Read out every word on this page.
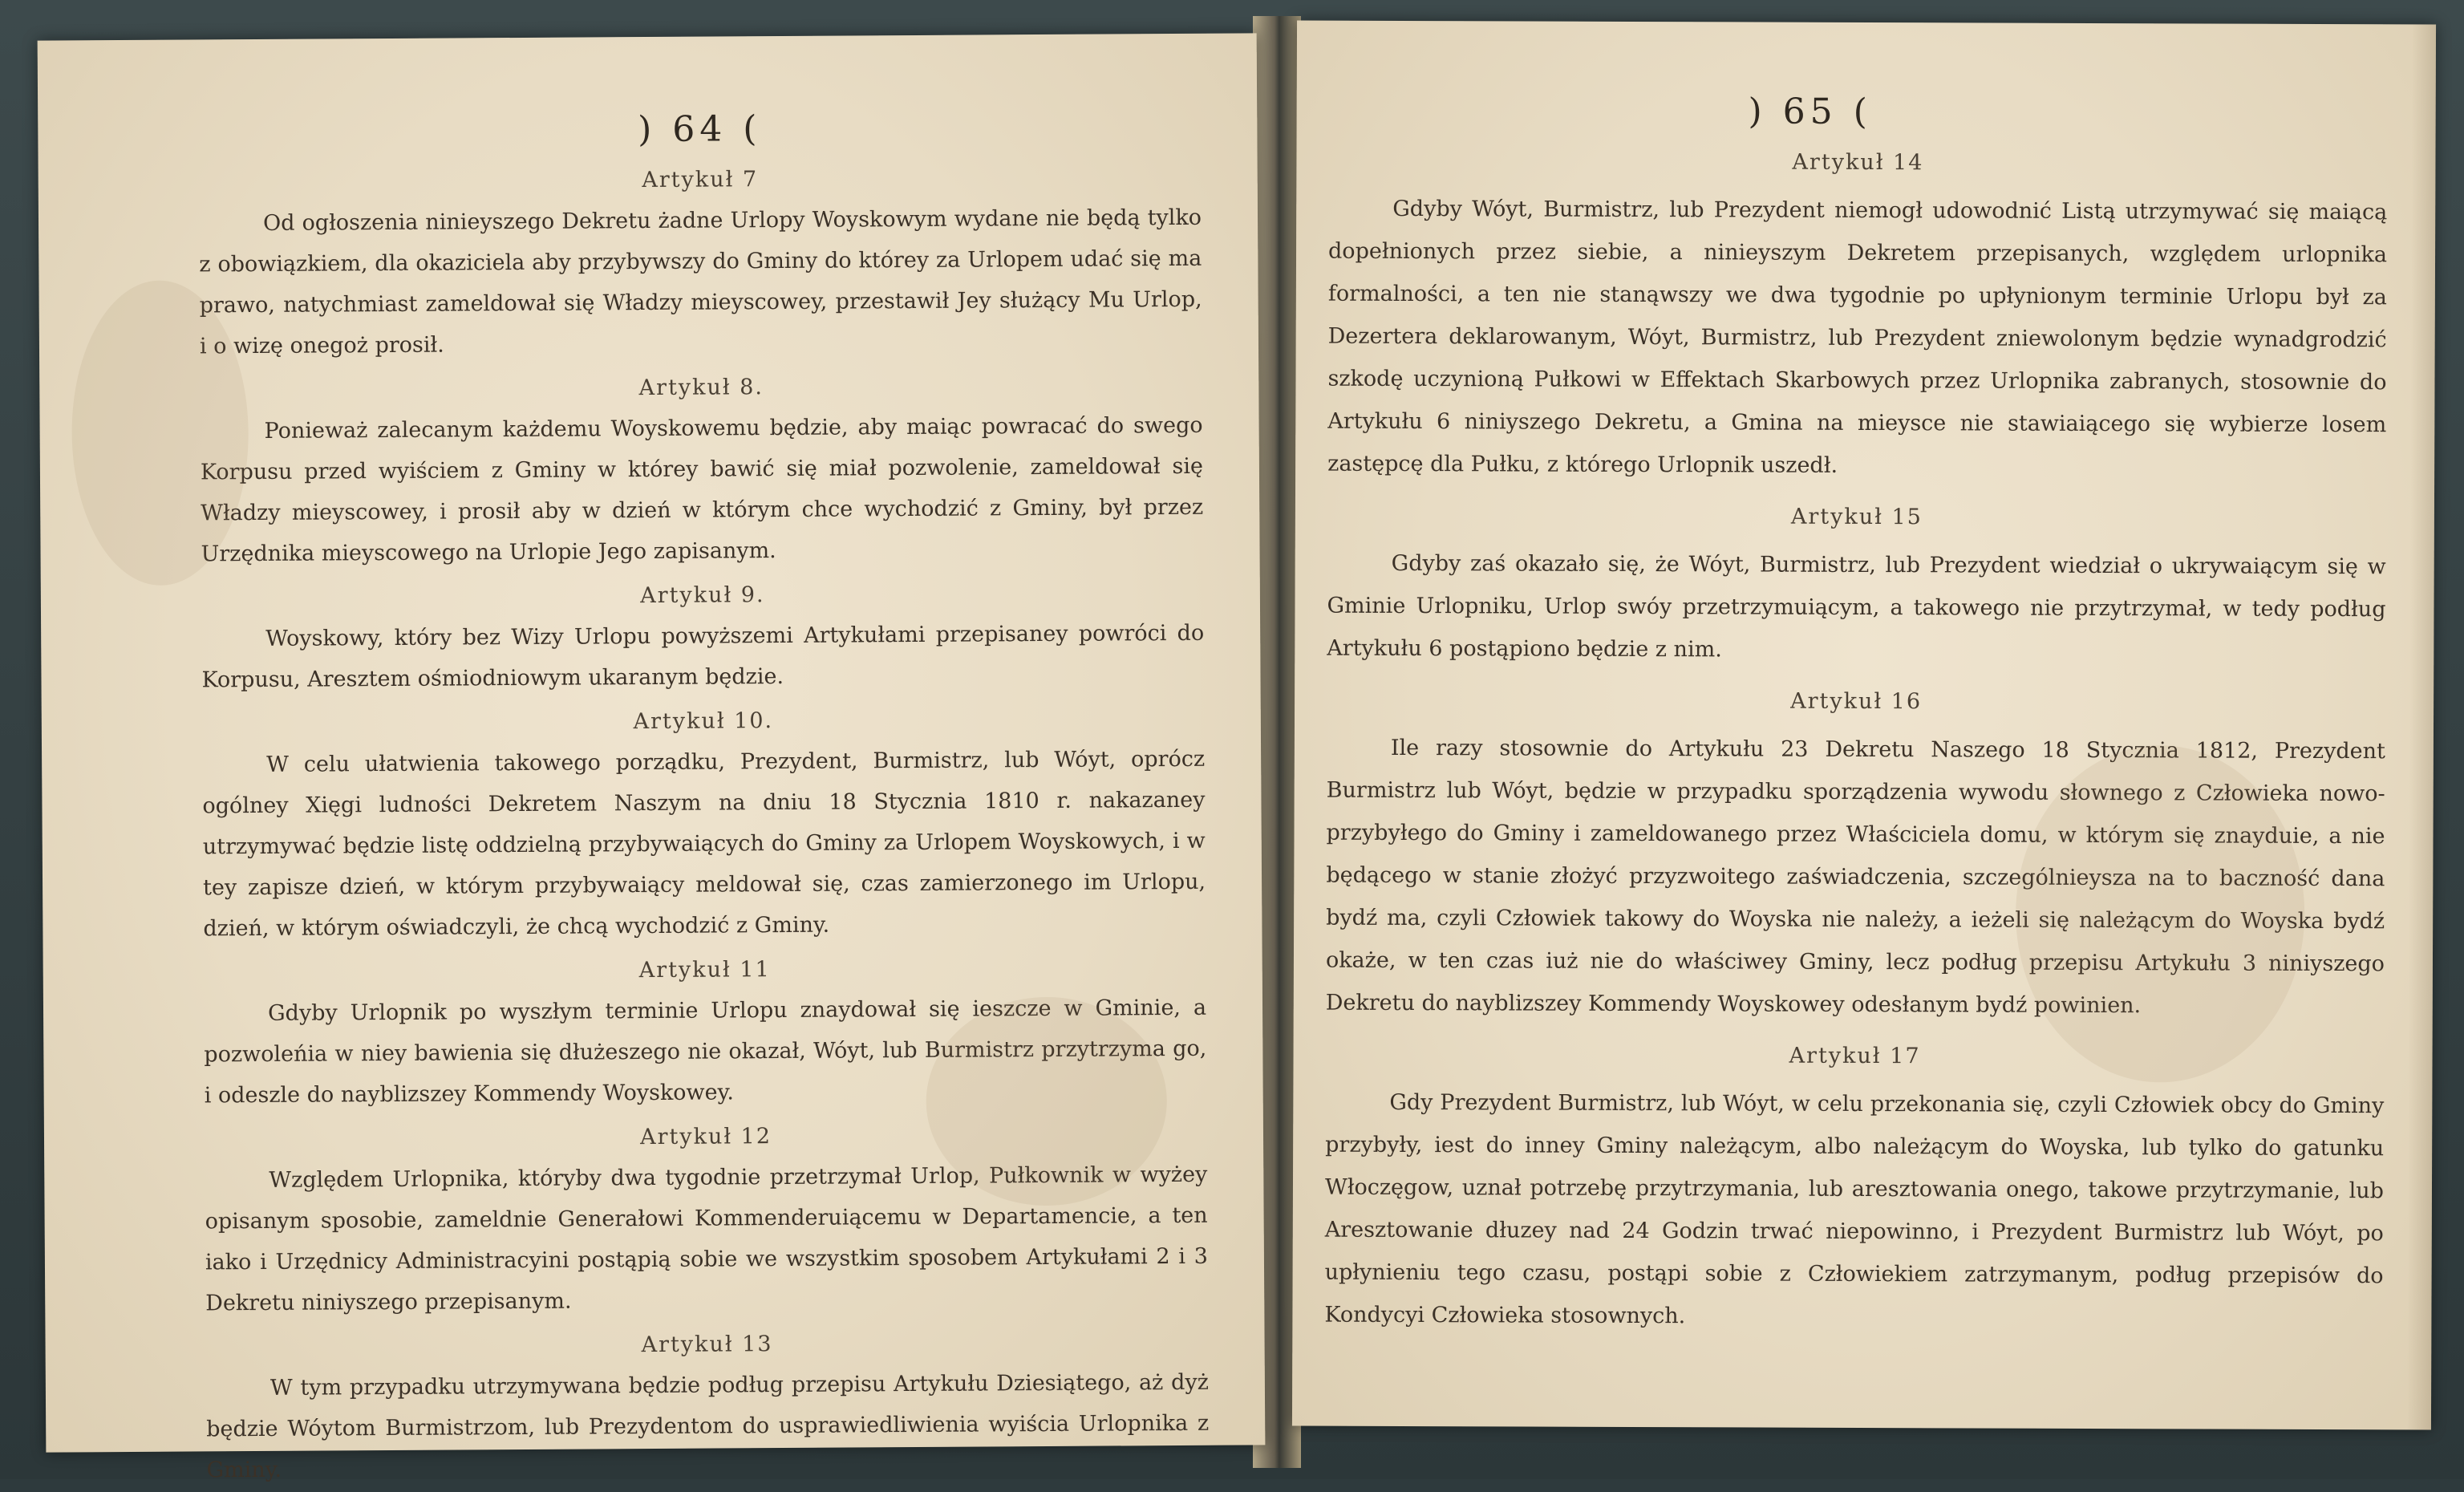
) 64 (
Artykuł 7

Od ogłoszenia ninieyszego Dekretu żadne Urlopy Woyskowym wydane nie będą tylko z obowiązkiem, dla okaziciela aby przybywszy do Gminy do którey za Urlopem udać się ma prawo, natychmiast zameldował się Władzy mieyscowey, przestawił Jey służący Mu Urlop, i o wizę onegoż prosił.

Artykuł 8.

Ponieważ zalecanym każdemu Woyskowemu będzie, aby maiąc powracać do swego Korpusu przed wyiściem z Gminy w którey bawić się miał pozwolenie, zameldował się Władzy mieyscowey, i prosił aby w dzień w którym chce wychodzić z Gminy, był przez Urzędnika mieyscowego na Urlopie Jego zapisanym.

Artykuł 9.

Woyskowy, który bez Wizy Urlopu powyższemi Artykułami przepisaney powróci do Korpusu, Aresztem ośmiodniowym ukaranym będzie.

Artykuł 10.

W celu ułatwienia takowego porządku, Prezydent, Burmistrz, lub Wóyt, oprócz ogólney Xięgi ludności Dekretem Naszym na dniu 18 Stycznia 1810 r. nakazaney utrzymywać będzie listę oddzielną przybywaiących do Gminy za Urlopem Woyskowych, i w tey zapisze dzień, w którym przybywaiący meldował się, czas zamierzonego im Urlopu, dzień, w którym oświadczyli, że chcą wychodzić z Gminy.

Artykuł 11

Gdyby Urlopnik po wyszłym terminie Urlopu znaydował się ieszcze w Gminie, a pozwoleńia w niey bawienia się dłużeszego nie okazał, Wóyt, lub Burmistrz przytrzyma go, i odeszle do nayblizszey Kommendy Woyskowey.

Artykuł 12

Względem Urlopnika, któryby dwa tygodnie przetrzymał Urlop, Pułkownik w wyżey opisanym sposobie, zameldnie Generałowi Kommenderuiącemu w Departamencie, a ten iako i Urzędnicy Administracyini postąpią sobie we wszystkim sposobem Artykułami 2 i 3 Dekretu niniyszego przepisanym.

Artykuł 13

W tym przypadku utrzymywana będzie podług przepisu Artykułu Dziesiątego, aż dyż będzie Wóytom Burmistrzom, lub Prezydentom do usprawiedliwienia wyiścia Urlopnika z Gminy.

) 65 (
Artykuł 14

Gdyby Wóyt, Burmistrz, lub Prezydent niemogł udowodnić Listą utrzymywać się maiącą dopełnionych przez siebie, a ninieyszym Dekretem przepisanych, względem urlopnika formalności, a ten nie stanąwszy we dwa tygodnie po upłynionym terminie Urlopu był za Dezertera deklarowanym, Wóyt, Burmistrz, lub Prezydent zniewolonym będzie wynadgrodzić szkodę uczynioną Pułkowi w Effektach Skarbowych przez Urlopnika zabranych, stosownie do Artykułu 6 niniyszego Dekretu, a Gmina na mieysce nie stawiaiącego się wybierze losem zastępcę dla Pułku, z którego Urlopnik uszedł.

Artykuł 15

Gdyby zaś okazało się, że Wóyt, Burmistrz, lub Prezydent wiedział o ukrywaiącym się w Gminie Urlopniku, Urlop swóy przetrzymuiącym, a takowego nie przytrzymał, w tedy podług Artykułu 6 postąpiono będzie z nim.

Artykuł 16

Ile razy stosownie do Artykułu 23 Dekretu Naszego 18 Stycznia 1812, Prezydent Burmistrz lub Wóyt, będzie w przypadku sporządzenia wywodu słownego z Człowieka nowo-przybyłego do Gminy i zameldowanego przez Właściciela domu, w którym się znayduie, a nie będącego w stanie złożyć przyzwoitego zaświadczenia, szczególnieysza na to baczność dana bydź ma, czyli Człowiek takowy do Woyska nie należy, a ieżeli się należącym do Woyska bydź okaże, w ten czas iuż nie do właściwey Gminy, lecz podług przepisu Artykułu 3 niniyszego Dekretu do nayblizszey Kommendy Woyskowey odesłanym bydź powinien.

Artykuł 17

Gdy Prezydent Burmistrz, lub Wóyt, w celu przekonania się, czyli Człowiek obcy do Gminy przybyły, iest do inney Gminy należącym, albo należącym do Woyska, lub tylko do gatunku Włoczęgow, uznał potrzebę przytrzymania, lub aresztowania onego, takowe przytrzymanie, lub Aresztowanie dłuzey nad 24 Godzin trwać niepowinno, i Prezydent Burmistrz lub Wóyt, po upłynieniu tego czasu, postąpi sobie z Człowiekiem zatrzymanym, podług przepisów do Kondycyi Człowieka stosownych.
